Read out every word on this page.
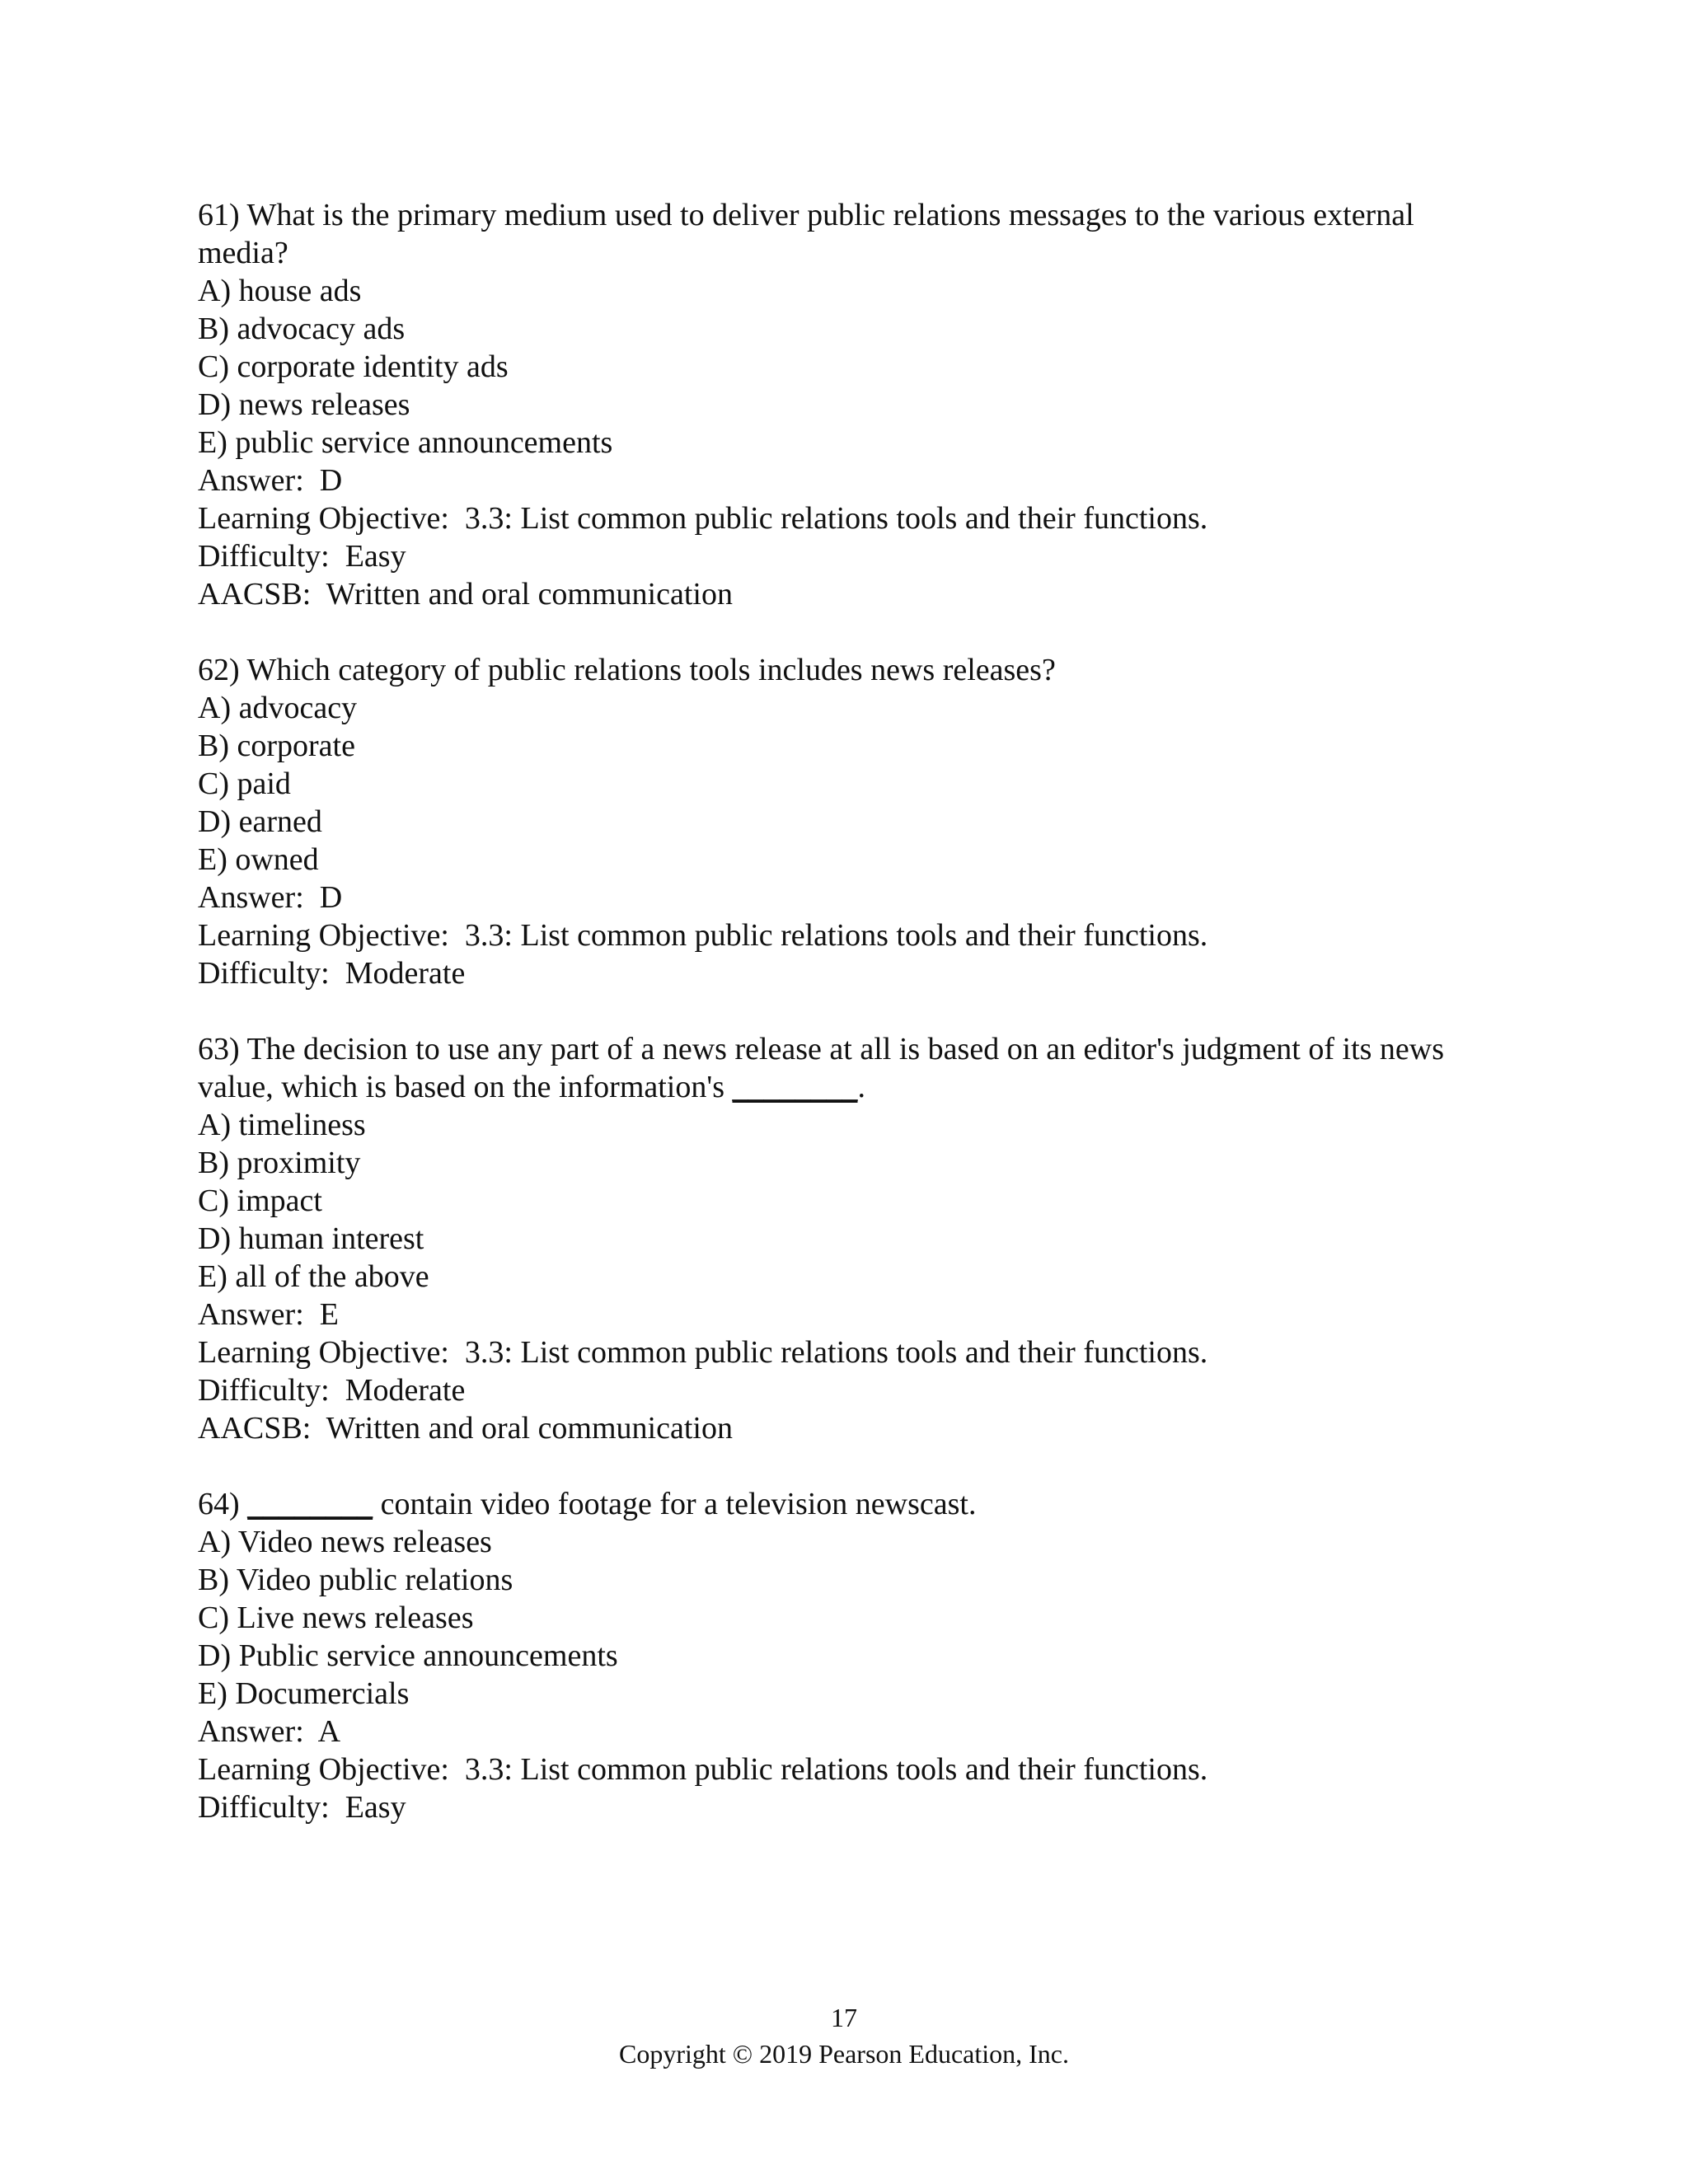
61) What is the primary medium used to deliver public relations messages to the various external media?
A) house ads
B) advocacy ads
C) corporate identity ads
D) news releases
E) public service announcements
Answer:  D
Learning Objective:  3.3: List common public relations tools and their functions.
Difficulty:  Easy
AACSB:  Written and oral communication
62) Which category of public relations tools includes news releases?
A) advocacy
B) corporate
C) paid
D) earned
E) owned
Answer:  D
Learning Objective:  3.3: List common public relations tools and their functions.
Difficulty:  Moderate
63) The decision to use any part of a news release at all is based on an editor's judgment of its news value, which is based on the information's ________.
A) timeliness
B) proximity
C) impact
D) human interest
E) all of the above
Answer:  E
Learning Objective:  3.3: List common public relations tools and their functions.
Difficulty:  Moderate
AACSB:  Written and oral communication
64) ________ contain video footage for a television newscast.
A) Video news releases
B) Video public relations
C) Live news releases
D) Public service announcements
E) Documercials
Answer:  A
Learning Objective:  3.3: List common public relations tools and their functions.
Difficulty:  Easy
17
Copyright © 2019 Pearson Education, Inc.
